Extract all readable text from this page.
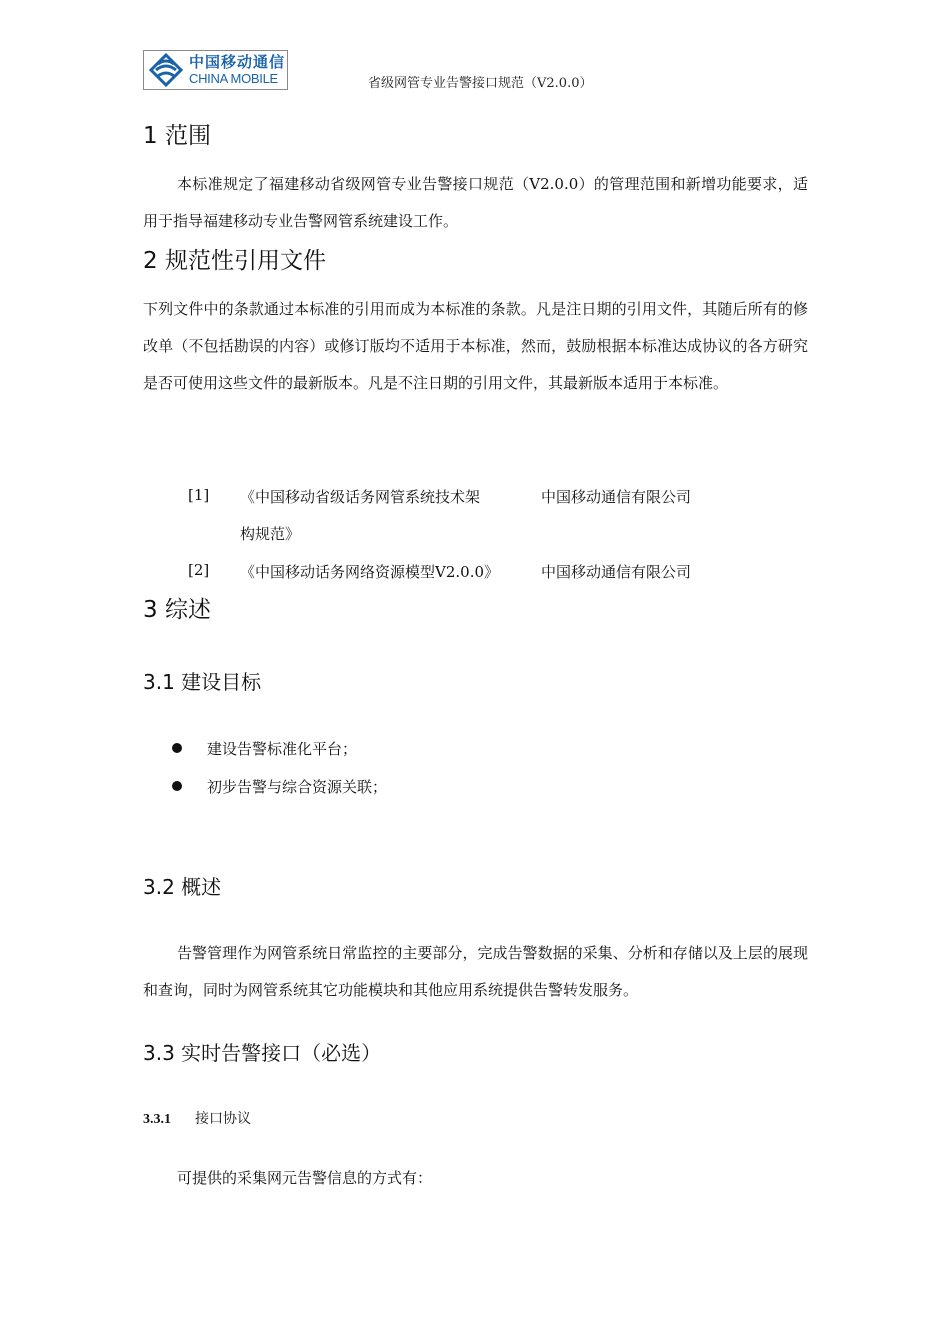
中国移动通信
CHINA MOBILE	省级网管专业告警接口规范（V2.0.0）
1 范围
本标准规定了福建移动省级网管专业告警接口规范（V2.0.0）的管理范围和新增功能要求，适用于指导福建移动专业告警网管系统建设工作。
2 规范性引用文件
下列文件中的条款通过本标准的引用而成为本标准的条款。凡是注日期的引用文件，其随后所有的修改单（不包括勘误的内容）或修订版均不适用于本标准，然而，鼓励根据本标准达成协议的各方研究是否可使用这些文件的最新版本。凡是不注日期的引用文件，其最新版本适用于本标准。
[1] 《中国移动省级话务网管系统技术架
构规范》
中国移动通信有限公司
[2] 《中国移动话务网络资源模型V2.0.0》	中国移动通信有限公司
3 综述
3.1 建设目标
建设告警标准化平台；
初步告警与综合资源关联；
3.2 概述
告警管理作为网管系统日常监控的主要部分，完成告警数据的采集、分析和存储以及上层的展现和查询，同时为网管系统其它功能模块和其他应用系统提供告警转发服务。
3.3 实时告警接口（必选）
3.3.1 接口协议
可提供的采集网元告警信息的方式有：
